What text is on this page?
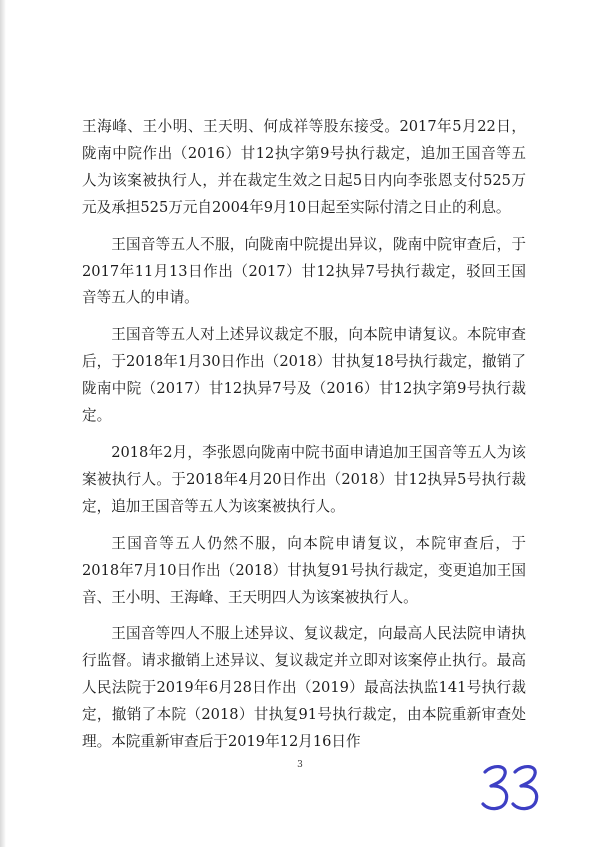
王海峰、王小明、王天明、何成祥等股东接受。2017年5月22日，陇南中院作出（2016）甘12执字第9号执行裁定，追加王国音等五人为该案被执行人，并在裁定生效之日起5日内向李张恩支付525万元及承担525万元自2004年9月10日起至实际付清之日止的利息。

王国音等五人不服，向陇南中院提出异议，陇南中院审查后，于2017年11月13日作出（2017）甘12执异7号执行裁定，驳回王国音等五人的申请。

王国音等五人对上述异议裁定不服，向本院申请复议。本院审查后，于2018年1月30日作出（2018）甘执复18号执行裁定，撤销了陇南中院（2017）甘12执异7号及（2016）甘12执字第9号执行裁定。

2018年2月，李张恩向陇南中院书面申请追加王国音等五人为该案被执行人。于2018年4月20日作出（2018）甘12执异5号执行裁定，追加王国音等五人为该案被执行人。

王国音等五人仍然不服，向本院申请复议，本院审查后，于2018年7月10日作出（2018）甘执复91号执行裁定，变更追加王国音、王小明、王海峰、王天明四人为该案被执行人。

王国音等四人不服上述异议、复议裁定，向最高人民法院申请执行监督。请求撤销上述异议、复议裁定并立即对该案停止执行。最高人民法院于2019年6月28日作出（2019）最高法执监141号执行裁定，撤销了本院（2018）甘执复91号执行裁定，由本院重新审查处理。本院重新审查后于2019年12月16日作

3
